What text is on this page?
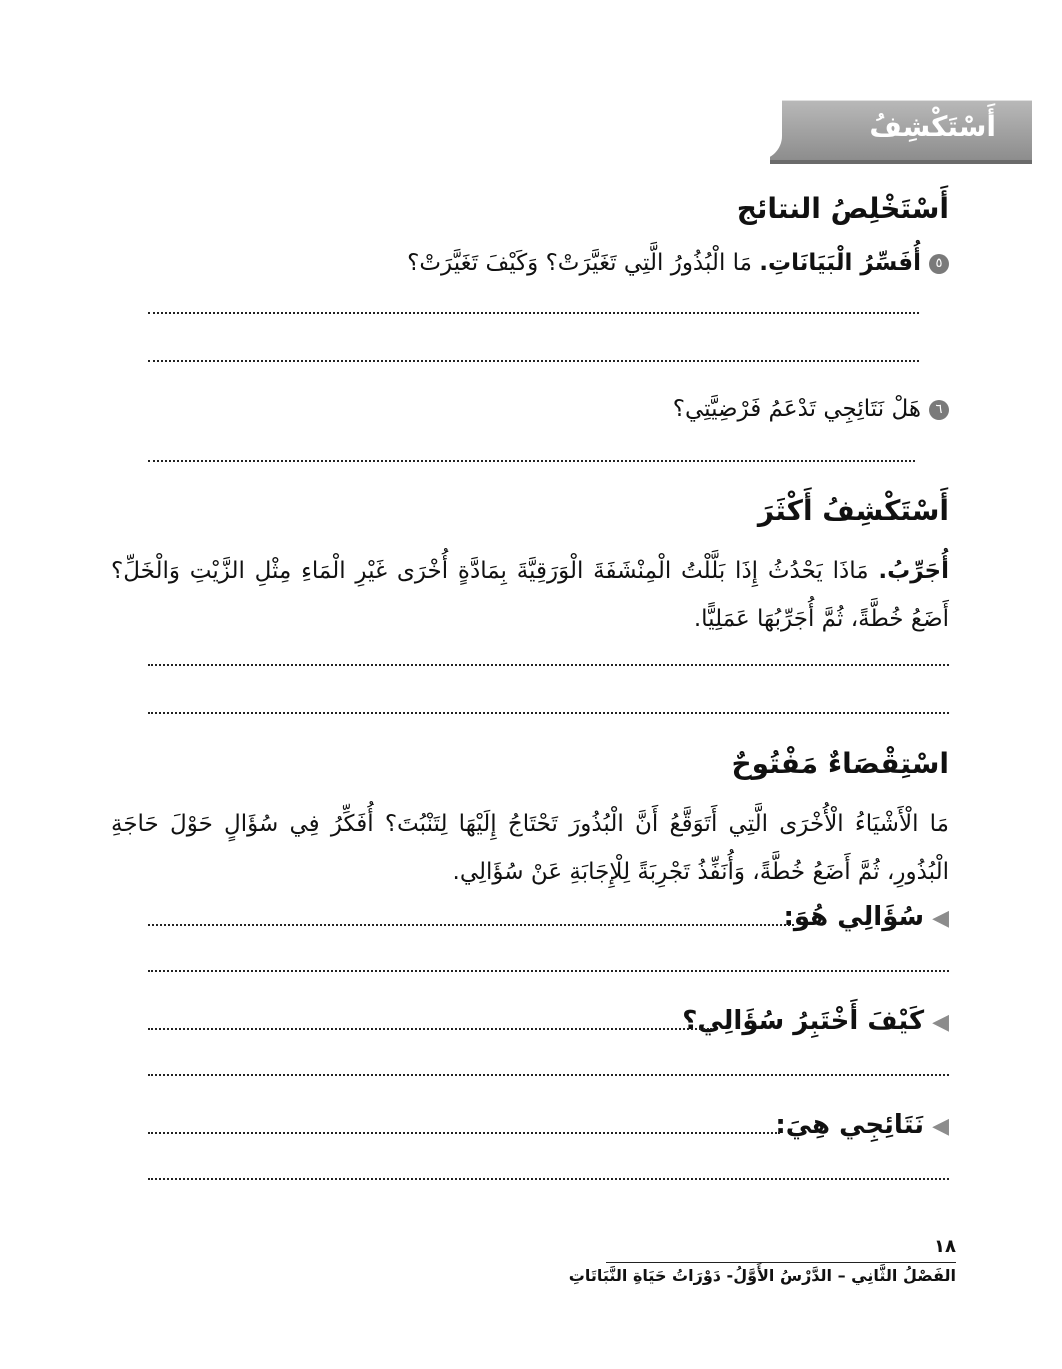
أَسْتَكْشِفُ
أَسْتَخْلِصُ النتائج
٥أُفَسِّرُ الْبَيَانَاتِ. مَا الْبُذُورُ الَّتِي تَغَيَّرَتْ؟ وَكَيْفَ تَغَيَّرَتْ؟
٦هَلْ نَتَائِجِي تَدْعَمُ فَرْضِيَّتِي؟
أَسْتَكْشِفُ أَكْثَرَ
أُجَرِّبُ. مَاذَا يَحْدُثُ إِذَا بَلَّلْتُ الْمِنْشَفَةَ الْوَرَقِيَّةَ بِمَادَّةٍ أُخْرَى غَيْرِ الْمَاءِ مِثْلِ الزَّيْتِ وَالْخَلِّ؟ أَضَعُ خُطَّةً، ثُمَّ أُجَرِّبُهَا عَمَلِيًّا.
اسْتِقْصَاءٌ مَفْتُوحٌ
مَا الْأَشْيَاءُ الْأُخْرَى الَّتِي أَتَوَقَّعُ أَنَّ الْبُذُورَ تَحْتَاجُ إِلَيْهَا لِتَنْبُتَ؟ أُفَكِّرُ فِي سُؤَالٍ حَوْلَ حَاجَةِ الْبُذُورِ، ثُمَّ أَضَعُ خُطَّةً، وَأُنَفِّذُ تَجْرِبَةً لِلْإِجَابَةِ عَنْ سُؤَالِي.
◀سُؤَالِي هُوَ:
◀كَيْفَ أَخْتَبِرُ سُؤَالِي؟
◀نَتَائِجِي هِيَ:
١٨
الفَصْلُ الثَّانِي – الدَّرْسُ الأَوَّلُ- دَوْرَاتُ حَيَاةِ النَّبَاتَاتِ
